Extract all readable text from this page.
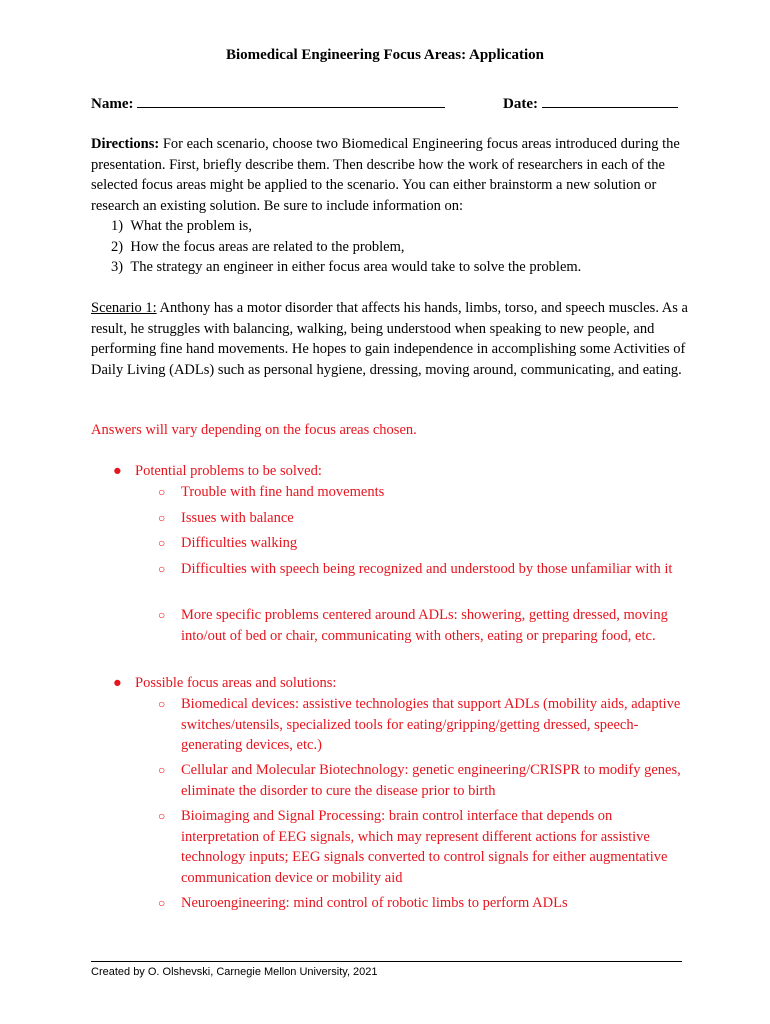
Biomedical Engineering Focus Areas: Application
Name:	Date:
Directions: For each scenario, choose two Biomedical Engineering focus areas introduced during the presentation. First, briefly describe them. Then describe how the work of researchers in each of the selected focus areas might be applied to the scenario. You can either brainstorm a new solution or research an existing solution. Be sure to include information on:
1) What the problem is,
2) How the focus areas are related to the problem,
3) The strategy an engineer in either focus area would take to solve the problem.
Scenario 1: Anthony has a motor disorder that affects his hands, limbs, torso, and speech muscles. As a result, he struggles with balancing, walking, being understood when speaking to new people, and performing fine hand movements. He hopes to gain independence in accomplishing some Activities of Daily Living (ADLs) such as personal hygiene, dressing, moving around, communicating, and eating.
Answers will vary depending on the focus areas chosen.
● Potential problems to be solved:
○ Trouble with fine hand movements
○ Issues with balance
○ Difficulties walking
○ Difficulties with speech being recognized and understood by those unfamiliar with it
○ More specific problems centered around ADLs: showering, getting dressed, moving into/out of bed or chair, communicating with others, eating or preparing food, etc.
● Possible focus areas and solutions:
○ Biomedical devices: assistive technologies that support ADLs (mobility aids, adaptive switches/utensils, specialized tools for eating/gripping/getting dressed, speech-generating devices, etc.)
○ Cellular and Molecular Biotechnology: genetic engineering/CRISPR to modify genes, eliminate the disorder to cure the disease prior to birth
○ Bioimaging and Signal Processing: brain control interface that depends on interpretation of EEG signals, which may represent different actions for assistive technology inputs; EEG signals converted to control signals for either augmentative communication device or mobility aid
○ Neuroengineering: mind control of robotic limbs to perform ADLs
Created by O. Olshevski, Carnegie Mellon University, 2021
